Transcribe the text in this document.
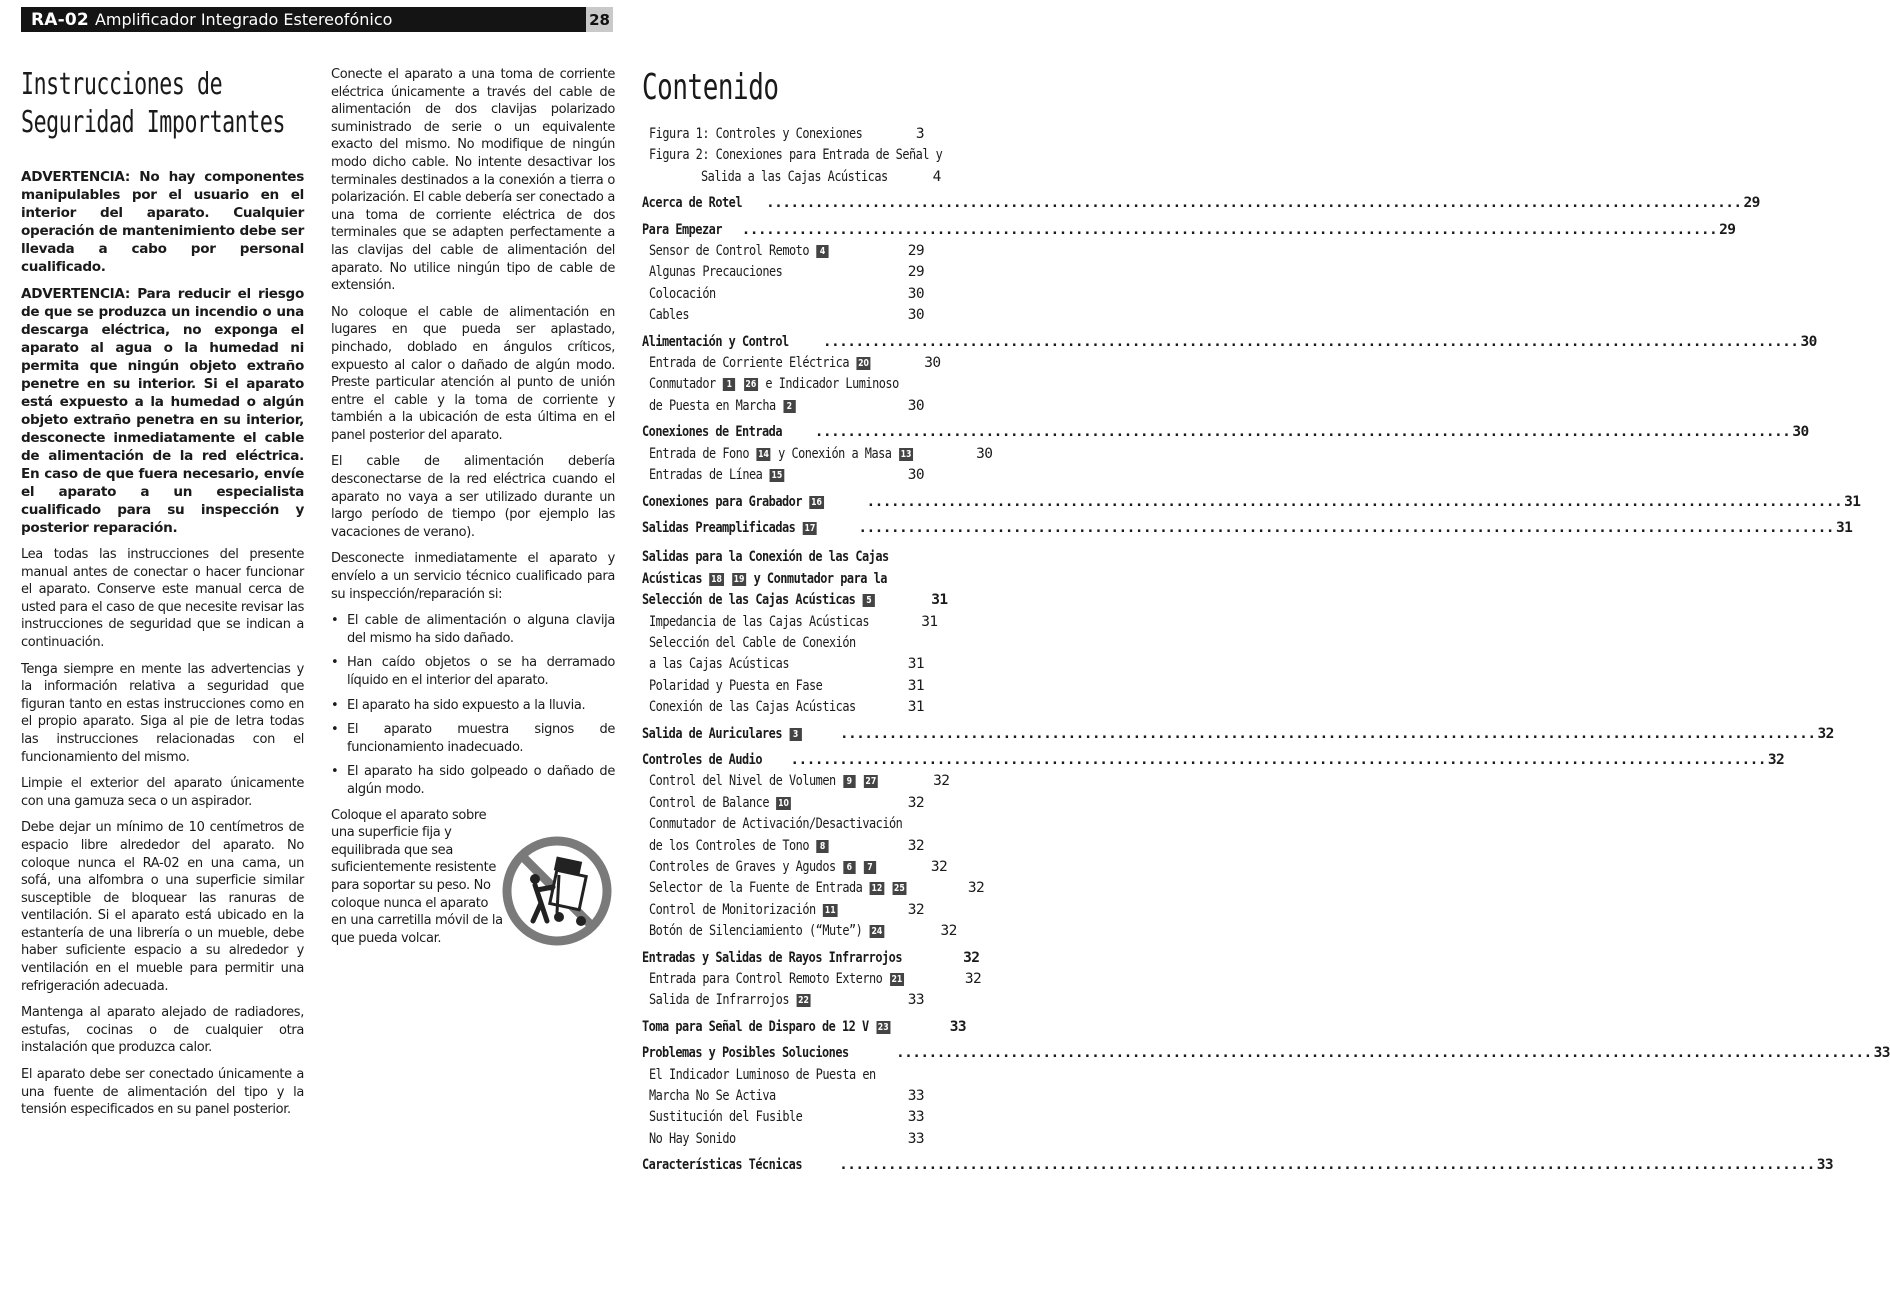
RA-02 Amplificador Integrado Estereofónico	28
Instrucciones de
Seguridad Importantes

ADVERTENCIA: No hay componentes manipulables por el usuario en el interior del aparato. Cualquier operación de mantenimiento debe ser llevada a cabo por personal cualificado.

ADVERTENCIA: Para reducir el riesgo de que se produzca un incendio o una descarga eléctrica, no exponga el aparato al agua o la humedad ni permita que ningún objeto extraño penetre en su interior. Si el aparato está expuesto a la humedad o algún objeto extraño penetra en su interior, desconecte inmediatamente el cable de alimentación de la red eléctrica. En caso de que fuera necesario, envíe el aparato a un especialista cualificado para su inspección y posterior reparación.

Lea todas las instrucciones del presente manual antes de conectar o hacer funcionar el aparato. Conserve este manual cerca de usted para el caso de que necesite revisar las instrucciones de seguridad que se indican a continuación.

Tenga siempre en mente las advertencias y la información relativa a seguridad que figuran tanto en estas instrucciones como en el propio aparato. Siga al pie de letra todas las instrucciones relacionadas con el funcionamiento del mismo.

Limpie el exterior del aparato únicamente con una gamuza seca o un aspirador.

Debe dejar un mínimo de 10 centímetros de espacio libre alrededor del aparato. No coloque nunca el RA-02 en una cama, un sofá, una alfombra o una superficie similar susceptible de bloquear las ranuras de ventilación. Si el aparato está ubicado en la estantería de una librería o un mueble, debe haber suficiente espacio a su alrededor y ventilación en el mueble para permitir una refrigeración adecuada.

Mantenga al aparato alejado de radiadores, estufas, cocinas o de cualquier otra instalación que produzca calor.

El aparato debe ser conectado únicamente a una fuente de alimentación del tipo y la tensión especificados en su panel posterior.

Conecte el aparato a una toma de corriente eléctrica únicamente a través del cable de alimentación de dos clavijas polarizado suministrado de serie o un equivalente exacto del mismo. No modifique de ningún modo dicho cable. No intente desactivar los terminales destinados a la conexión a tierra o polarización. El cable debería ser conectado a una toma de corriente eléctrica de dos terminales que se adapten perfectamente a las clavijas del cable de alimentación del aparato. No utilice ningún tipo de cable de extensión.

No coloque el cable de alimentación en lugares en que pueda ser aplastado, pinchado, doblado en ángulos críticos, expuesto al calor o dañado de algún modo. Preste particular atención al punto de unión entre el cable y la toma de corriente y también a la ubicación de esta última en el panel posterior del aparato.

El cable de alimentación debería desconectarse de la red eléctrica cuando el aparato no vaya a ser utilizado durante un largo período de tiempo (por ejemplo las vacaciones de verano).

Desconecte inmediatamente el aparato y envíelo a un servicio técnico cualificado para su inspección/reparación si:

• El cable de alimentación o alguna clavija del mismo ha sido dañado.
• Han caído objetos o se ha derramado líquido en el interior del aparato.
• El aparato ha sido expuesto a la lluvia.
• El aparato muestra signos de funcionamiento inadecuado.
• El aparato ha sido golpeado o dañado de algún modo.

Coloque el aparato sobre una superficie fija y equilibrada que sea suficientemente resistente para soportar su peso. No coloque nunca el aparato en una carretilla móvil de la que pueda volcar.

Contenido
Figura 1: Controles y Conexiones	3
Figura 2: Conexiones para Entrada de Señal y
Salida a las Cajas Acústicas	4
Acerca de Rotel	........................................................................................................................ 29
Para Empezar	........................................................................................................................ 29
Sensor de Control Remoto 4	29
Algunas Precauciones	29
Colocación	30
Cables	30
Alimentación y Control	........................................................................................................................ 30
Entrada de Corriente Eléctrica 20	30
Conmutador 1 26 e Indicador Luminoso
de Puesta en Marcha 2	30
Conexiones de Entrada	........................................................................................................................ 30
Entrada de Fono 14 y Conexión a Masa 13	30
Entradas de Línea 15	30
Conexiones para Grabador 16	........................................................................................................................ 31
Salidas Preamplificadas 17	........................................................................................................................ 31
Salidas para la Conexión de las Cajas
Acústicas 18 19 y Conmutador para la
Selección de las Cajas Acústicas 5	31
Impedancia de las Cajas Acústicas	31
Selección del Cable de Conexión
a las Cajas Acústicas	31
Polaridad y Puesta en Fase	31
Conexión de las Cajas Acústicas	31
Salida de Auriculares 3	........................................................................................................................ 32
Controles de Audio	........................................................................................................................ 32
Control del Nivel de Volumen 9 27	32
Control de Balance 10	32
Conmutador de Activación/Desactivación
de los Controles de Tono 8	32
Controles de Graves y Agudos 6 7	32
Selector de la Fuente de Entrada 12 25	32
Control de Monitorización 11	32
Botón de Silenciamiento (“Mute”) 24	32
Entradas y Salidas de Rayos Infrarrojos	32
Entrada para Control Remoto Externo 21	32
Salida de Infrarrojos 22	33
Toma para Señal de Disparo de 12 V 23	33
Problemas y Posibles Soluciones	........................................................................................................................ 33
El Indicador Luminoso de Puesta en
Marcha No Se Activa	33
Sustitución del Fusible	33
No Hay Sonido	33
Características Técnicas	........................................................................................................................ 33
